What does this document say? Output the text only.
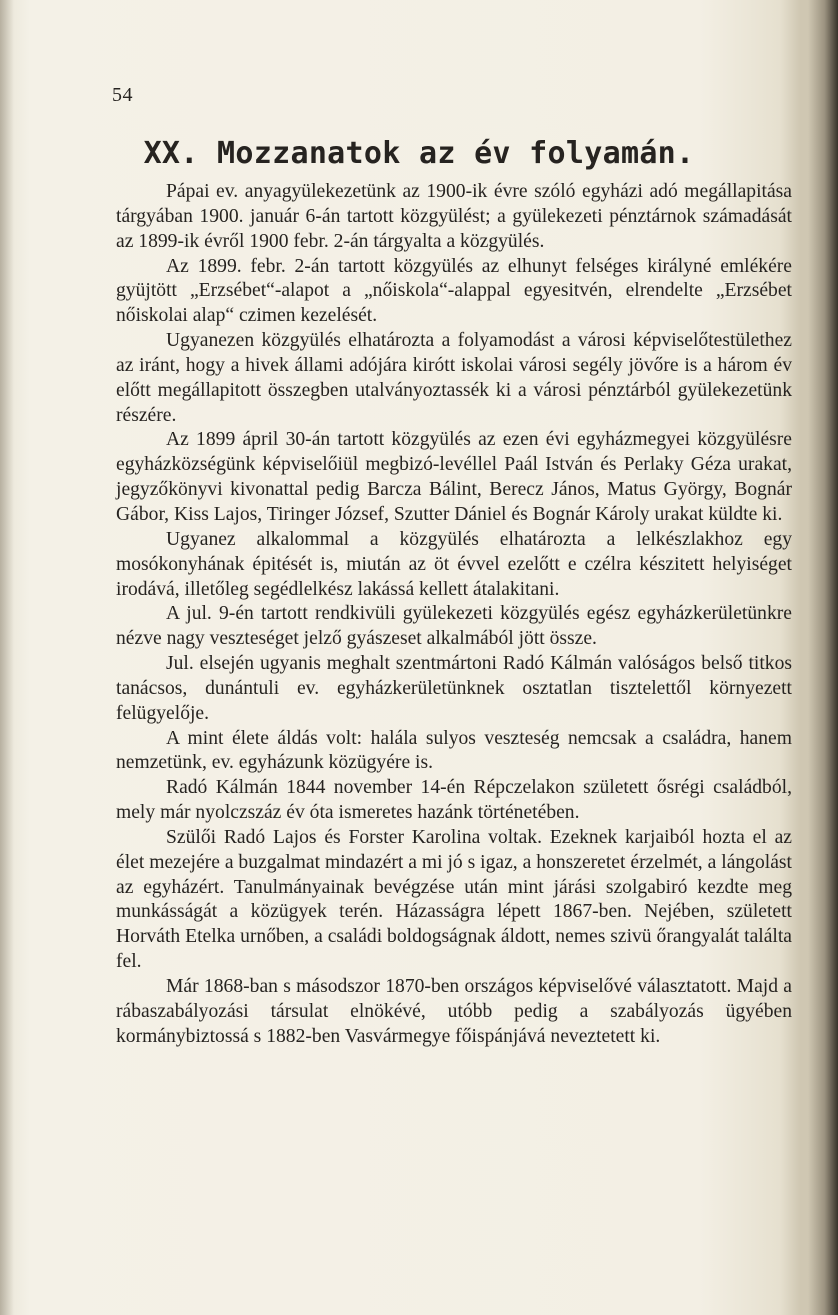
54
XX. Mozzanatok az év folyamán.

Pápai ev. anyagyülekezetünk az 1900-ik évre szóló egyházi adó megállapitása tárgyában 1900. január 6-án tartott közgyülést; a gyülekezeti pénztárnok számadását az 1899-ik évről 1900 febr. 2-án tárgyalta a közgyülés.

Az 1899. febr. 2-án tartott közgyülés az elhunyt felséges királyné emlékére gyüjtött „Erzsébet“-alapot a „nőiskola“-alappal egyesitvén, elrendelte „Erzsébet nőiskolai alap“ czimen kezelését.

Ugyanezen közgyülés elhatározta a folyamodást a városi képviselőtestülethez az iránt, hogy a hivek állami adójára kirótt iskolai városi segély jövőre is a három év előtt megállapitott összegben utalványoztassék ki a városi pénztárból gyülekezetünk részére.

Az 1899 ápril 30-án tartott közgyülés az ezen évi egyházmegyei közgyülésre egyházközségünk képviselőiül megbizó-levéllel Paál István és Perlaky Géza urakat, jegyzőkönyvi kivonattal pedig Barcza Bálint, Berecz János, Matus György, Bognár Gábor, Kiss Lajos, Tiringer József, Szutter Dániel és Bognár Károly urakat küldte ki.

Ugyanez alkalommal a közgyülés elhatározta a lelkészlakhoz egy mosókonyhának épitését is, miután az öt évvel ezelőtt e czélra készitett helyiséget irodává, illetőleg segédlelkész lakássá kellett átalakitani.

A jul. 9-én tartott rendkivüli gyülekezeti közgyülés egész egyházkerületünkre nézve nagy veszteséget jelző gyászeset alkalmából jött össze.

Jul. elsején ugyanis meghalt szentmártoni Radó Kálmán valóságos belső titkos tanácsos, dunántuli ev. egyházkerületünknek osztatlan tisztelettől környezett felügyelője.

A mint élete áldás volt: halála sulyos veszteség nemcsak a családra, hanem nemzetünk, ev. egyházunk közügyére is.

Radó Kálmán 1844 november 14-én Répczelakon született ősrégi családból, mely már nyolczszáz év óta ismeretes hazánk történetében.

Szülői Radó Lajos és Forster Karolina voltak. Ezeknek karjaiból hozta el az élet mezejére a buzgalmat mindazért a mi jó s igaz, a honszeretet érzelmét, a lángolást az egyházért. Tanulmányainak bevégzése után mint járási szolgabiró kezdte meg munkásságát a közügyek terén. Házasságra lépett 1867-ben. Nejében, született Horváth Etelka urnőben, a családi boldogságnak áldott, nemes szivü őrangyalát találta fel.

Már 1868-ban s másodszor 1870-ben országos képviselővé választatott. Majd a rábaszabályozási társulat elnökévé, utóbb pedig a szabályozás ügyében kormánybiztossá s 1882-ben Vasvármegye főispánjává neveztetett ki.
